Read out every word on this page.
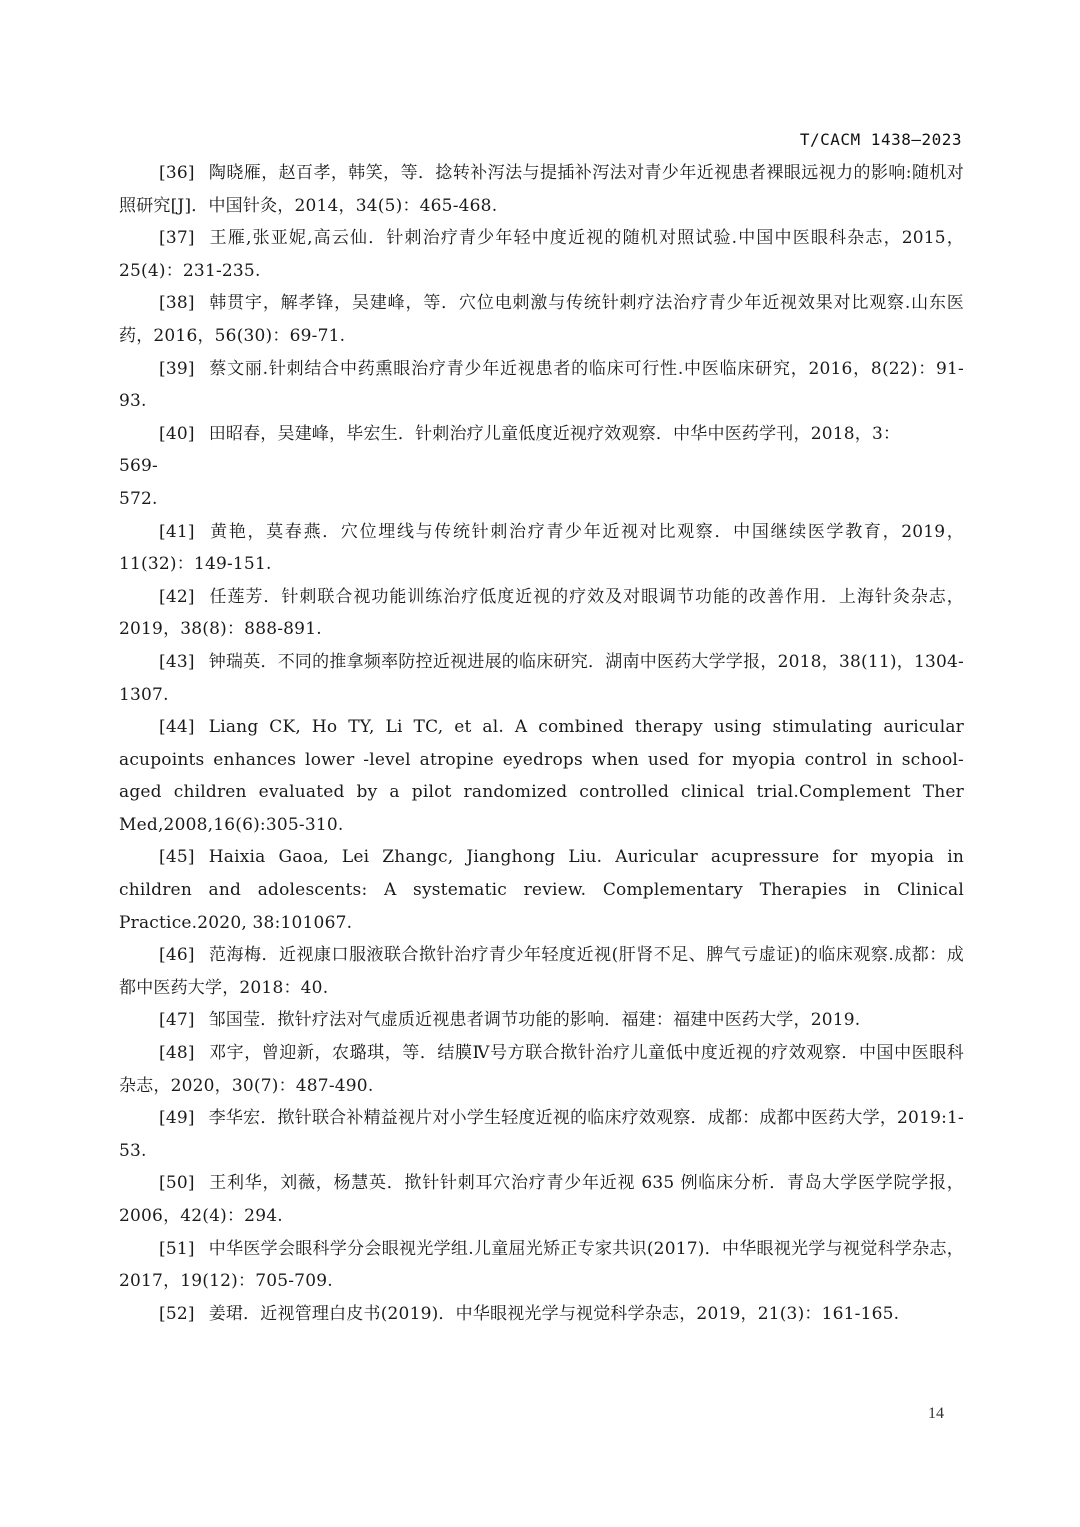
T/CACM 1438—2023

[36] 陶晓雁，赵百孝，韩笑，等．捻转补泻法与提插补泻法对青少年近视患者裸眼远视力的影响:随机对照研究[J]．中国针灸，2014，34(5)：465-468.

[37] 王雁,张亚妮,高云仙．针刺治疗青少年轻中度近视的随机对照试验.中国中医眼科杂志，2015，25(4)：231-235.

[38] 韩贯宇，解孝锋，吴建峰，等．穴位电刺激与传统针刺疗法治疗青少年近视效果对比观察.山东医药，2016，56(30)：69-71.

[39] 蔡文丽.针刺结合中药熏眼治疗青少年近视患者的临床可行性.中医临床研究，2016，8(22)：91-93.

[40] 田昭春，吴建峰，毕宏生．针刺治疗儿童低度近视疗效观察．中华中医药学刊，2018，3：
569-
572.

[41] 黄艳，莫春燕．穴位埋线与传统针刺治疗青少年近视对比观察．中国继续医学教育，2019，11(32)：149-151.

[42] 任莲芳．针刺联合视功能训练治疗低度近视的疗效及对眼调节功能的改善作用．上海针灸杂志，2019，38(8)：888-891.

[43] 钟瑞英．不同的推拿频率防控近视进展的临床研究．湖南中医药大学学报，2018，38(11)，1304-1307.

[44] Liang CK, Ho TY, Li TC, et al. A combined therapy using stimulating auricular acupoints enhances lower -level atropine eyedrops when used for myopia control in school-aged children evaluated by a pilot randomized controlled clinical trial.Complement Ther Med,2008,16(6):305-310.

[45] Haixia Gaoa, Lei Zhangc, Jianghong Liu. Auricular acupressure for myopia in children and adolescents: A systematic review. Complementary Therapies in Clinical Practice.2020, 38:101067.

[46] 范海梅．近视康口服液联合揿针治疗青少年轻度近视(肝肾不足、脾气亏虚证)的临床观察.成都：成都中医药大学，2018：40.

[47] 邹国莹．揿针疗法对气虚质近视患者调节功能的影响．福建：福建中医药大学，2019.

[48] 邓宇，曾迎新，农璐琪，等．结膜Ⅳ号方联合揿针治疗儿童低中度近视的疗效观察．中国中医眼科杂志，2020，30(7)：487-490.

[49] 李华宏．揿针联合补精益视片对小学生轻度近视的临床疗效观察．成都：成都中医药大学，2019:1-53.

[50] 王利华，刘薇，杨慧英．揿针针刺耳穴治疗青少年近视 635 例临床分析．青岛大学医学院学报，2006，42(4)：294.

[51] 中华医学会眼科学分会眼视光学组.儿童屈光矫正专家共识(2017)．中华眼视光学与视觉科学杂志，2017，19(12)：705-709.

[52] 姜珺．近视管理白皮书(2019)．中华眼视光学与视觉科学杂志，2019，21(3)：161-165.

14
